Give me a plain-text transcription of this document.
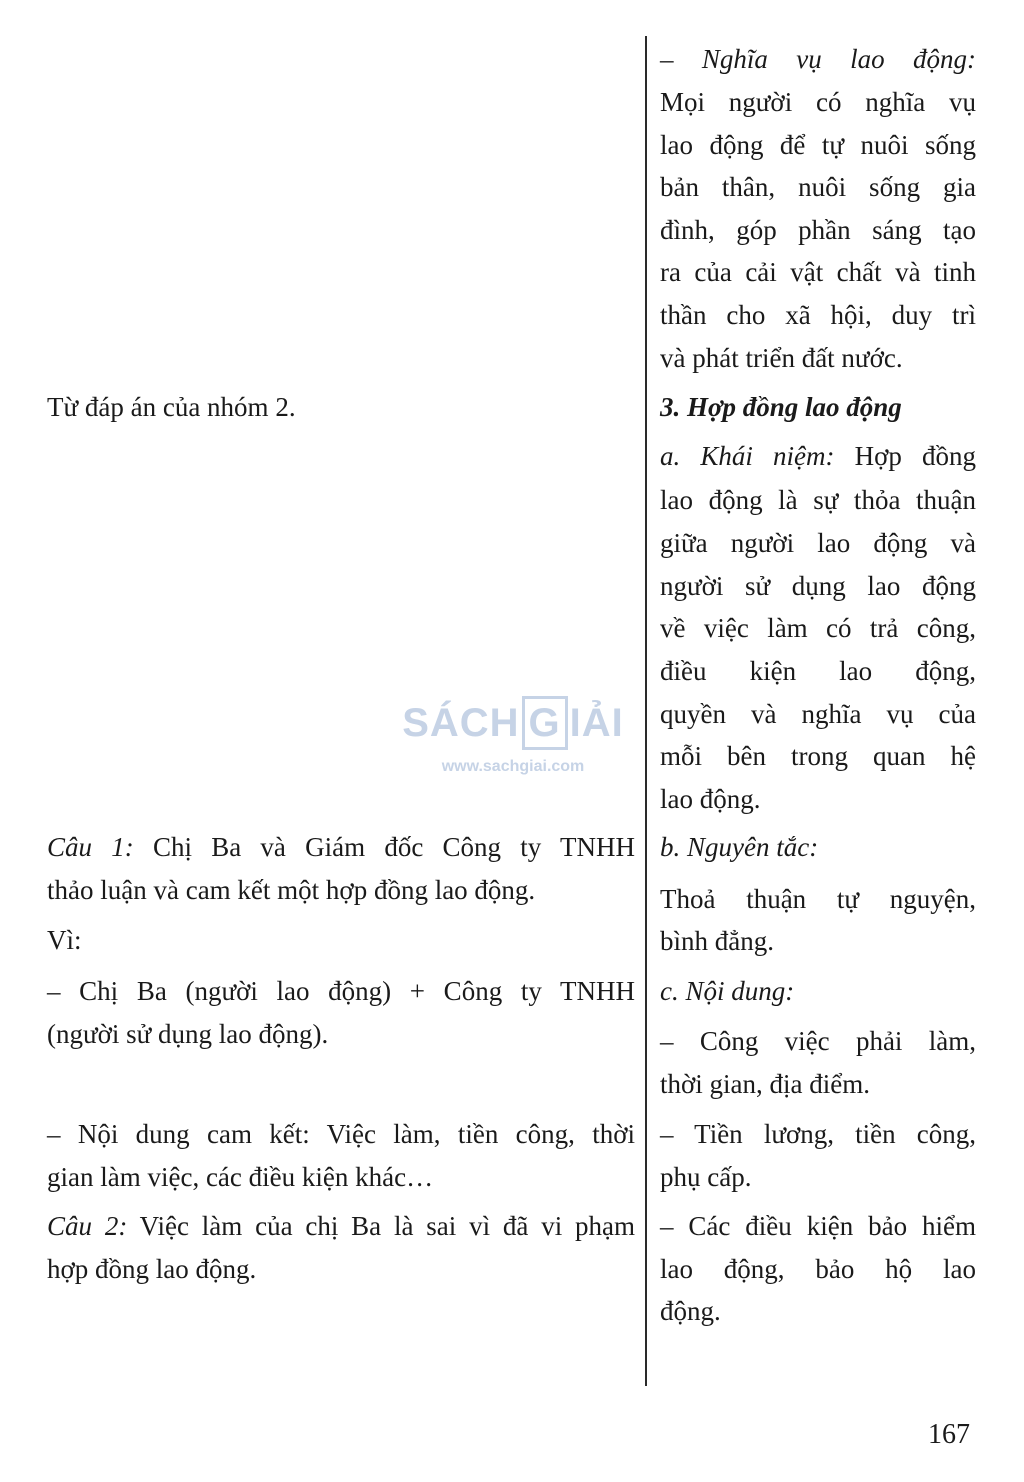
– Nghĩa vụ lao động:

Mọi người có nghĩa vụ

lao động để tự nuôi sống

bản thân, nuôi sống gia

đình, góp phần sáng tạo

ra của cải vật chất và tinh

thần cho xã hội, duy trì

và phát triển đất nước.

3. Hợp đồng lao động

a. Khái niệm: Hợp đồng

lao động là sự thỏa thuận

giữa người lao động và

người sử dụng lao động

về việc làm có trả công,

điều kiện lao động,

quyền và nghĩa vụ của

mỗi bên trong quan hệ

lao động.

b. Nguyên tắc:

Thoả thuận tự nguyện,

bình đẳng.

c. Nội dung:

– Công việc phải làm,

thời gian, địa điểm.

– Tiền lương, tiền công,

phụ cấp.

– Các điều kiện bảo hiểm

lao động, bảo hộ lao

động.

Từ đáp án của nhóm 2.

Câu 1: Chị Ba và Giám đốc Công ty TNHH

thảo luận và cam kết một hợp đồng lao động.

Vì:

– Chị Ba (người lao động) + Công ty TNHH

(người sử dụng lao động).

– Nội dung cam kết: Việc làm, tiền công, thời

gian làm việc, các điều kiện khác…

Câu 2: Việc làm của chị Ba là sai vì đã vi phạm

hợp đồng lao động.

SÁCH G IẢI
www.sachgiai.com
167
